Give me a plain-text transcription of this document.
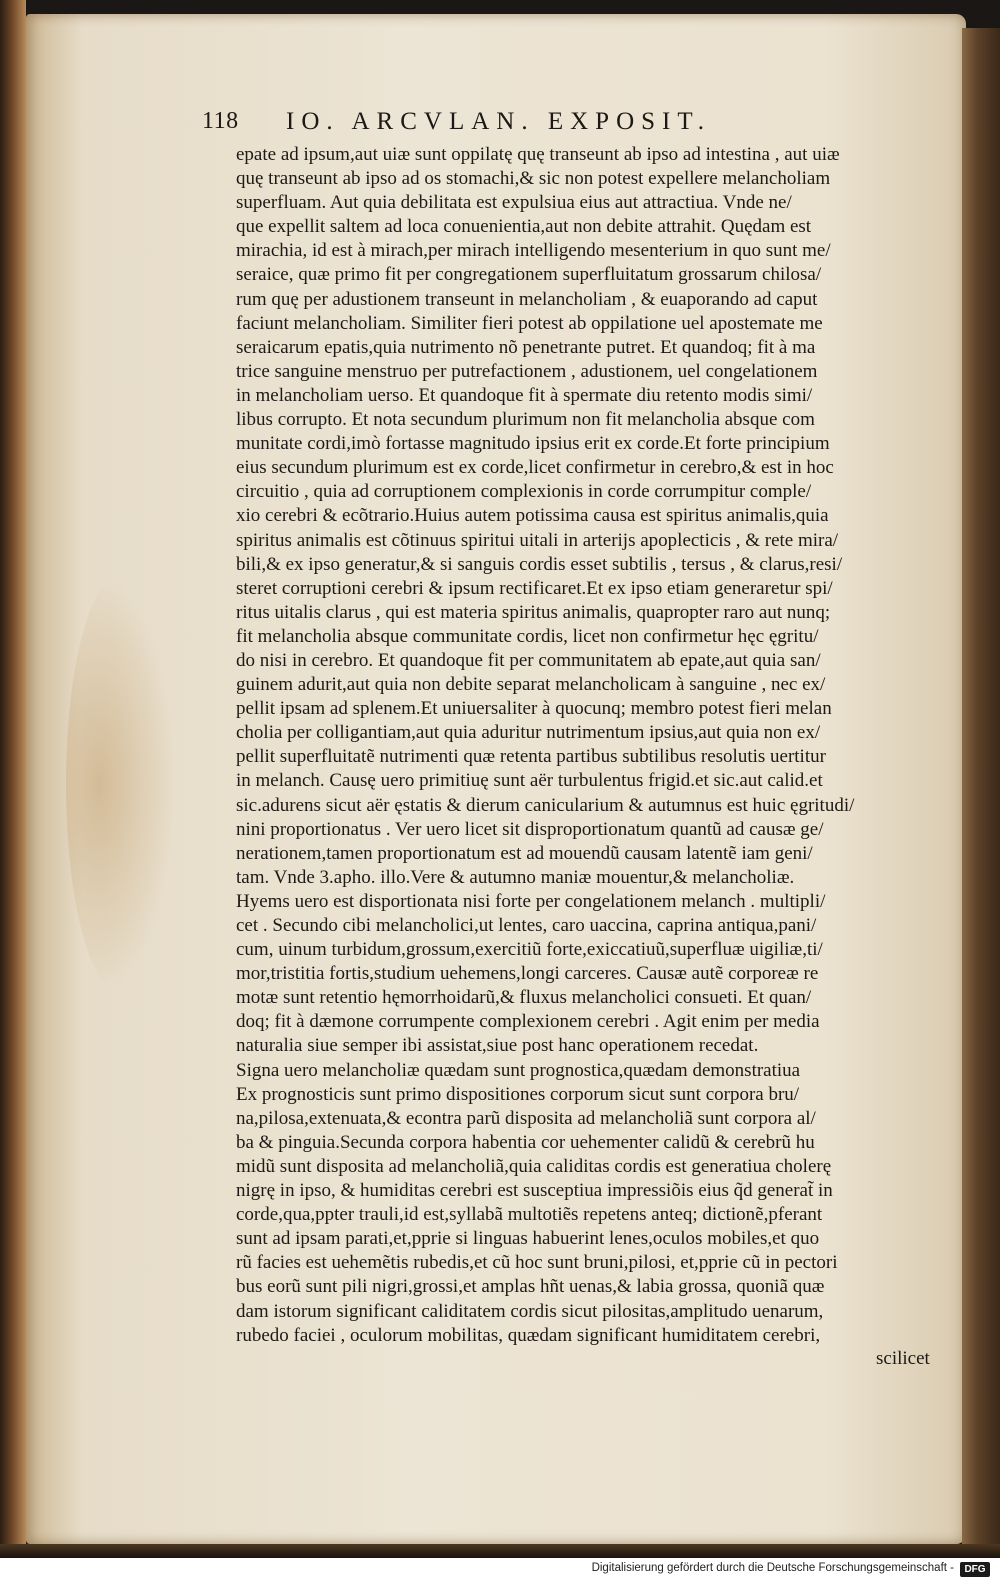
118 IO. ARCVLAN. EXPOSIT.
epate ad ipsum,aut uiæ sunt oppilatę quę transeunt ab ipso ad intestina , aut uiæ
quę transeunt ab ipso ad os stomachi,& sic non potest expellere melancholiam
superfluam. Aut quia debilitata est expulsiua eius aut attractiua. Vnde ne/
que expellit saltem ad loca conuenientia,aut non debite attrahit. Quędam est
mirachia, id est à mirach,per mirach intelligendo mesenterium in quo sunt me/
seraice, quæ primo fit per congregationem superfluitatum grossarum chilosa/
rum quę per adustionem transeunt in melancholiam , & euaporando ad caput
faciunt melancholiam. Similiter fieri potest ab oppilatione uel apostemate me
seraicarum epatis,quia nutrimento nõ penetrante putret. Et quandoq; fit à ma
trice sanguine menstruo per putrefactionem , adustionem, uel congelationem
in melancholiam uerso. Et quandoque fit à spermate diu retento modis simi/
libus corrupto. Et nota secundum plurimum non fit melancholia absque com
munitate cordi,imò fortasse magnitudo ipsius erit ex corde.Et forte principium
eius secundum plurimum est ex corde,licet confirmetur in cerebro,& est in hoc
circuitio , quia ad corruptionem complexionis in corde corrumpitur comple/
xio cerebri & ecõtrario.Huius autem potissima causa est spiritus animalis,quia
spiritus animalis est cõtinuus spiritui uitali in arterijs apoplecticis , & rete mira/
bili,& ex ipso generatur,& si sanguis cordis esset subtilis , tersus , & clarus,resi/
steret corruptioni cerebri & ipsum rectificaret.Et ex ipso etiam generaretur spi/
ritus uitalis clarus , qui est materia spiritus animalis, quapropter raro aut nunq;
fit melancholia absque communitate cordis, licet non confirmetur hęc ęgritu/
do nisi in cerebro. Et quandoque fit per communitatem ab epate,aut quia san/
guinem adurit,aut quia non debite separat melancholicam à sanguine , nec ex/
pellit ipsam ad splenem.Et uniuersaliter à quocunq; membro potest fieri melan
cholia per colligantiam,aut quia aduritur nutrimentum ipsius,aut quia non ex/
pellit superfluitatẽ nutrimenti quæ retenta partibus subtilibus resolutis uertitur
in melanch. Causę uero primitiuę sunt aër turbulentus frigid.et sic.aut calid.et
sic.adurens sicut aër ęstatis & dierum canicularium & autumnus est huic ęgritudi/
nini proportionatus . Ver uero licet sit disproportionatum quantũ ad causæ ge/
nerationem,tamen proportionatum est ad mouendũ causam latentẽ iam geni/
tam. Vnde 3.apho. illo.Vere & autumno maniæ mouentur,& melancholiæ.
Hyems uero est disportionata nisi forte per congelationem melanch . multipli/
cet . Secundo cibi melancholici,ut lentes, caro uaccina, caprina antiqua,pani/
cum, uinum turbidum,grossum,exercitiũ forte,exiccatiuũ,superfluæ uigiliæ,ti/
mor,tristitia fortis,studium uehemens,longi carceres. Causæ autẽ corporeæ re
motæ sunt retentio hęmorrhoidarũ,& fluxus melancholici consueti. Et quan/
doq; fit à dæmone corrumpente complexionem cerebri . Agit enim per media
naturalia siue semper ibi assistat,siue post hanc operationem recedat.
Signa uero melancholiæ quædam sunt prognostica,quædam demonstratiua
Ex prognosticis sunt primo dispositiones corporum sicut sunt corpora bru/
na,pilosa,extenuata,& econtra parũ disposita ad melancholiã sunt corpora al/
ba & pinguia.Secunda corpora habentia cor uehementer calidũ & cerebrũ hu
midũ sunt disposita ad melancholiã,quia caliditas cordis est generatiua cholerę
nigrę in ipso, & humiditas cerebri est susceptiua impressiõis eius q̃d generat̃ in
corde,qua,ppter trauli,id est,syllabã multotiẽs repetens anteq; dictionẽ,pferant
sunt ad ipsam parati,et,pprie si linguas habuerint lenes,oculos mobiles,et quo
rũ facies est uehemẽtis rubedis,et cũ hoc sunt bruni,pilosi, et,pprie cũ in pectori
bus eorũ sunt pili nigri,grossi,et amplas hñt uenas,& labia grossa, quoniã quæ
dam istorum significant caliditatem cordis sicut pilositas,amplitudo uenarum,
rubedo faciei , oculorum mobilitas, quædam significant humiditatem cerebri,
scilicet
Digitalisierung gefördert durch die Deutsche Forschungsgemeinschaft -	DFG
